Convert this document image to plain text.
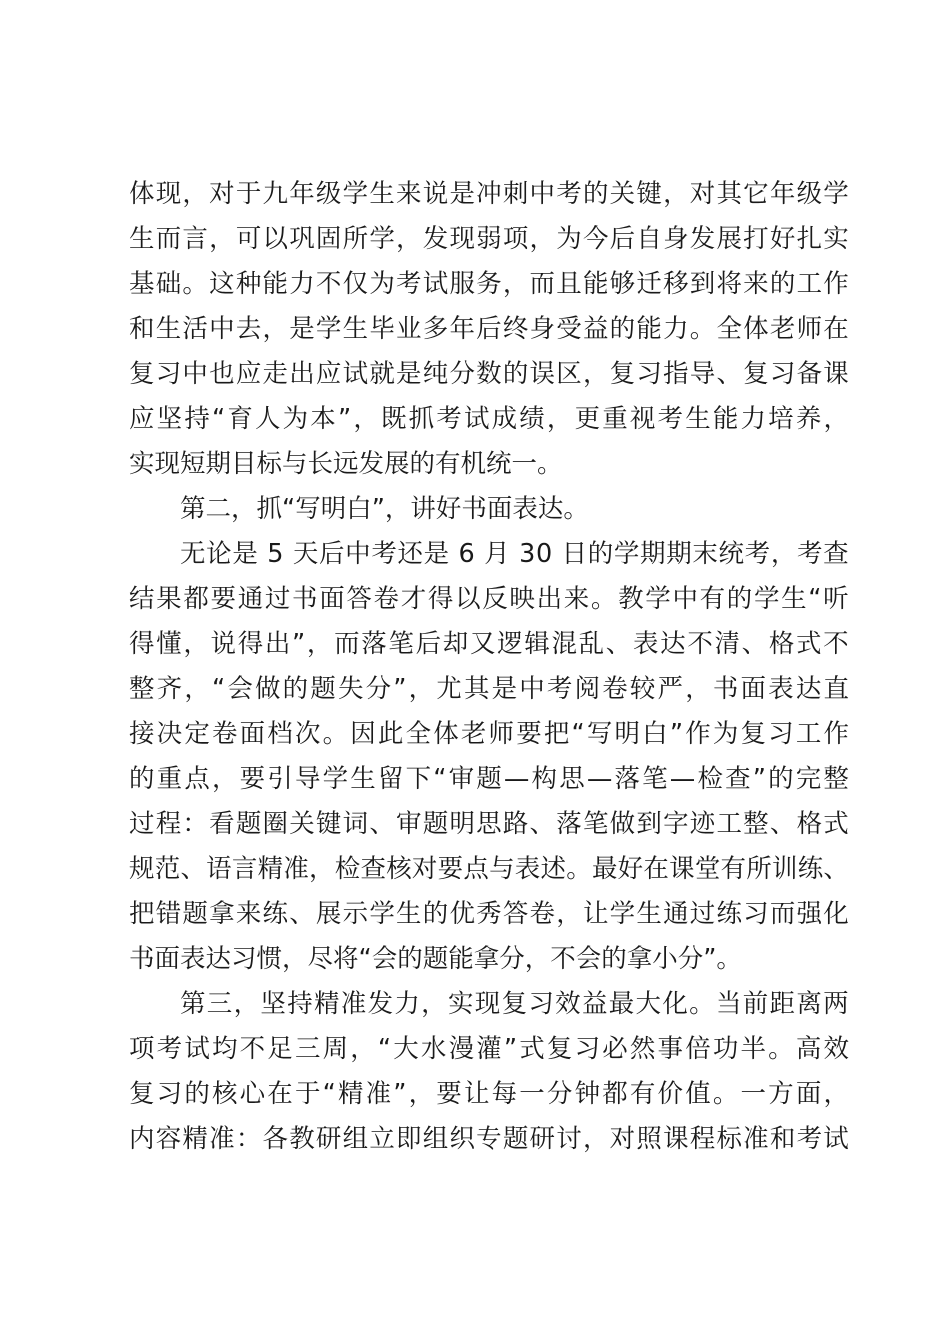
体 现 ， 对 于 九 年 级 学 生 来 说 是 冲 刺 中 考 的 关 键 ， 对 其 它 年 级 学
生 而 言 ， 可 以 巩 固 所 学 ， 发 现 弱 项 ， 为 今 后 自 身 发 展 打 好 扎 实
基 础 。 这 种 能 力 不 仅 为 考 试 服 务 ， 而 且 能 够 迁 移 到 将 来 的 工 作
和 生 活 中 去 ， 是 学 生 毕 业 多 年 后 终 身 受 益 的 能 力 。 全 体 老 师 在
复 习 中 也 应 走 出 应 试 就 是 纯 分 数 的 误 区 ， 复 习 指 导 、 复 习 备 课
应 坚 持 “ 育 人 为 本 ” ， 既 抓 考 试 成 绩 ， 更 重 视 考 生 能 力 培 养 ，
实现短期目标与长远发展的有机统一。
第二，抓“写明白”，讲好书面表达。
无 论 是
5
天 后 中 考 还 是
6
月
3 0
日 的 学 期 期 末 统 考 ， 考 查
结 果 都 要 通 过 书 面 答 卷 才 得 以 反 映 出 来 。 教 学 中 有 的 学 生 “ 听
得 懂 ， 说 得 出 ” ， 而 落 笔 后 却 又 逻 辑 混 乱 、 表 达 不 清 、 格 式 不
整 齐 ， “ 会 做 的 题 失 分 ” ， 尤 其 是 中 考 阅 卷 较 严 ， 书 面 表 达 直
接 决 定 卷 面 档 次 。 因 此 全 体 老 师 要 把 “ 写 明 白 ” 作 为 复 习 工 作
的 重 点 ， 要 引 导 学 生 留 下 “ 审 题 — 构 思 — 落 笔 — 检 查 ” 的 完 整
过 程 ： 看 题 圈 关 键 词 、 审 题 明 思 路 、 落 笔 做 到 字 迹 工 整 、 格 式
规 范 、 语 言 精 准 ， 检 查 核 对 要 点 与 表 述 。 最 好 在 课 堂 有 所 训 练 、
把 错 题 拿 来 练 、 展 示 学 生 的 优 秀 答 卷 ， 让 学 生 通 过 练 习 而 强 化
书面表达习惯，尽将“会的题能拿分，不会的拿小分”。
第 三 ， 坚 持 精 准 发 力 ， 实 现 复 习 效 益 最 大 化 。 当 前 距 离 两
项 考 试 均 不 足 三 周 ， “ 大 水 漫 灌 ” 式 复 习 必 然 事 倍 功 半 。 高 效
复 习 的 核 心 在 于 “ 精 准 ” ， 要 让 每 一 分 钟 都 有 价 值 。 一 方 面 ，
内 容 精 准 ： 各 教 研 组 立 即 组 织 专 题 研 讨 ， 对 照 课 程 标 准 和 考 试
